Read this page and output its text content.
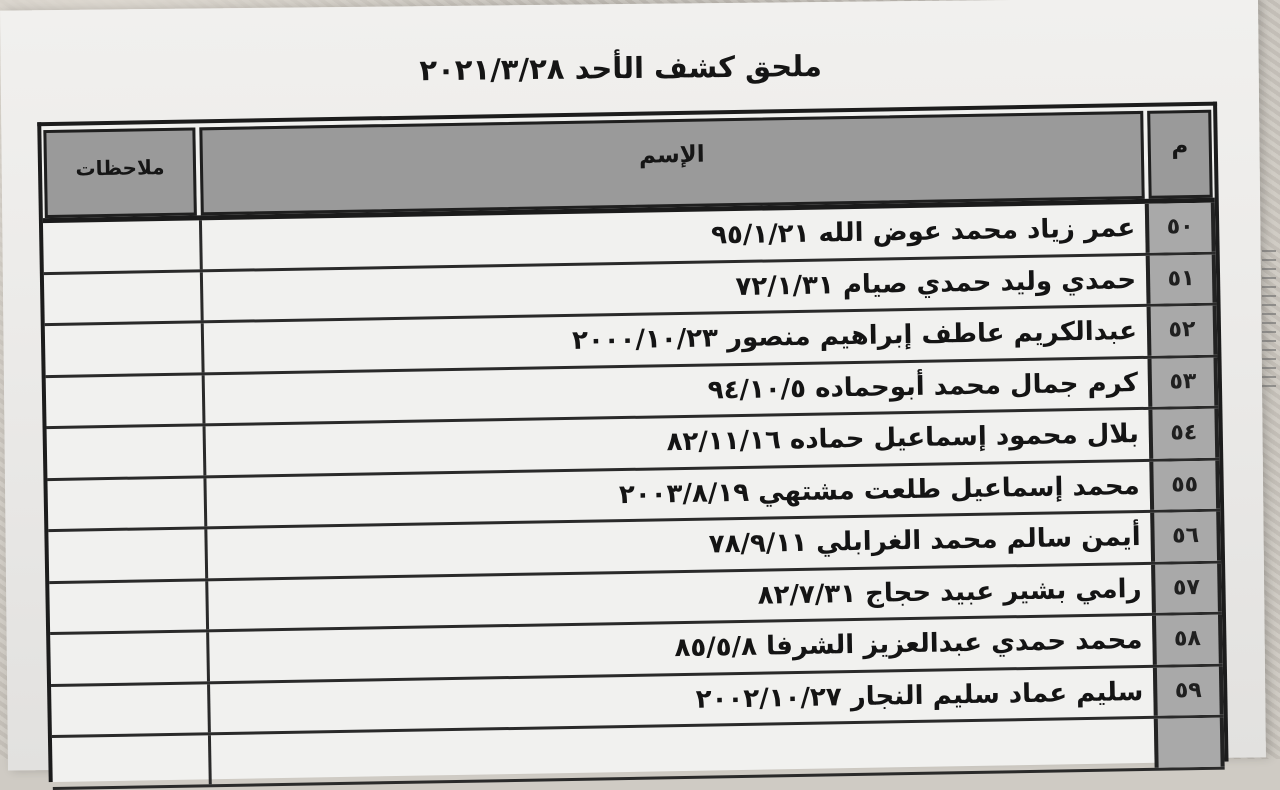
ملحق كشف الأحد ٢٠٢١/٣/٢٨
م
الإسم
ملاحظات
٥٠
عمر زياد محمد عوض الله ٩٥/١/٢١
٥١
حمدي وليد حمدي صيام ٧٢/١/٣١
٥٢
عبدالكريم عاطف إبراهيم منصور ٢٠٠٠/١٠/٢٣
٥٣
كرم جمال محمد أبوحماده ٩٤/١٠/٥
٥٤
بلال محمود إسماعيل حماده ٨٢/١١/١٦
٥٥
محمد إسماعيل طلعت مشتهي ٢٠٠٣/٨/١٩
٥٦
أيمن سالم محمد الغرابلي ٧٨/٩/١١
٥٧
رامي بشير عبيد حجاج ٨٢/٧/٣١
٥٨
محمد حمدي عبدالعزيز الشرفا ٨٥/٥/٨
٥٩
سليم عماد سليم النجار ٢٠٠٢/١٠/٢٧
